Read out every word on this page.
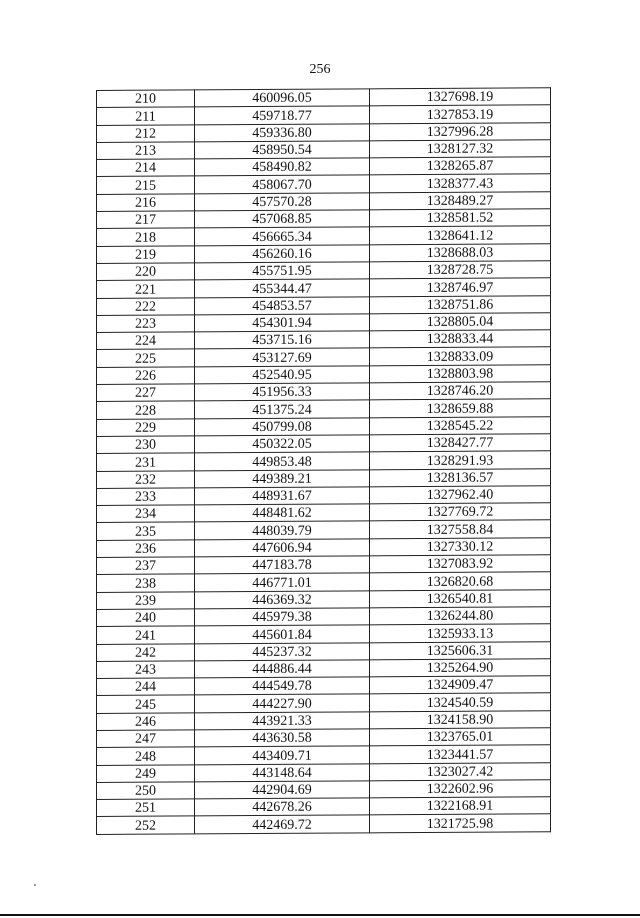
256
210	460096.05	1327698.19
211	459718.77	1327853.19
212	459336.80	1327996.28
213	458950.54	1328127.32
214	458490.82	1328265.87
215	458067.70	1328377.43
216	457570.28	1328489.27
217	457068.85	1328581.52
218	456665.34	1328641.12
219	456260.16	1328688.03
220	455751.95	1328728.75
221	455344.47	1328746.97
222	454853.57	1328751.86
223	454301.94	1328805.04
224	453715.16	1328833.44
225	453127.69	1328833.09
226	452540.95	1328803.98
227	451956.33	1328746.20
228	451375.24	1328659.88
229	450799.08	1328545.22
230	450322.05	1328427.77
231	449853.48	1328291.93
232	449389.21	1328136.57
233	448931.67	1327962.40
234	448481.62	1327769.72
235	448039.79	1327558.84
236	447606.94	1327330.12
237	447183.78	1327083.92
238	446771.01	1326820.68
239	446369.32	1326540.81
240	445979.38	1326244.80
241	445601.84	1325933.13
242	445237.32	1325606.31
243	444886.44	1325264.90
244	444549.78	1324909.47
245	444227.90	1324540.59
246	443921.33	1324158.90
247	443630.58	1323765.01
248	443409.71	1323441.57
249	443148.64	1323027.42
250	442904.69	1322602.96
251	442678.26	1322168.91
252	442469.72	1321725.98
